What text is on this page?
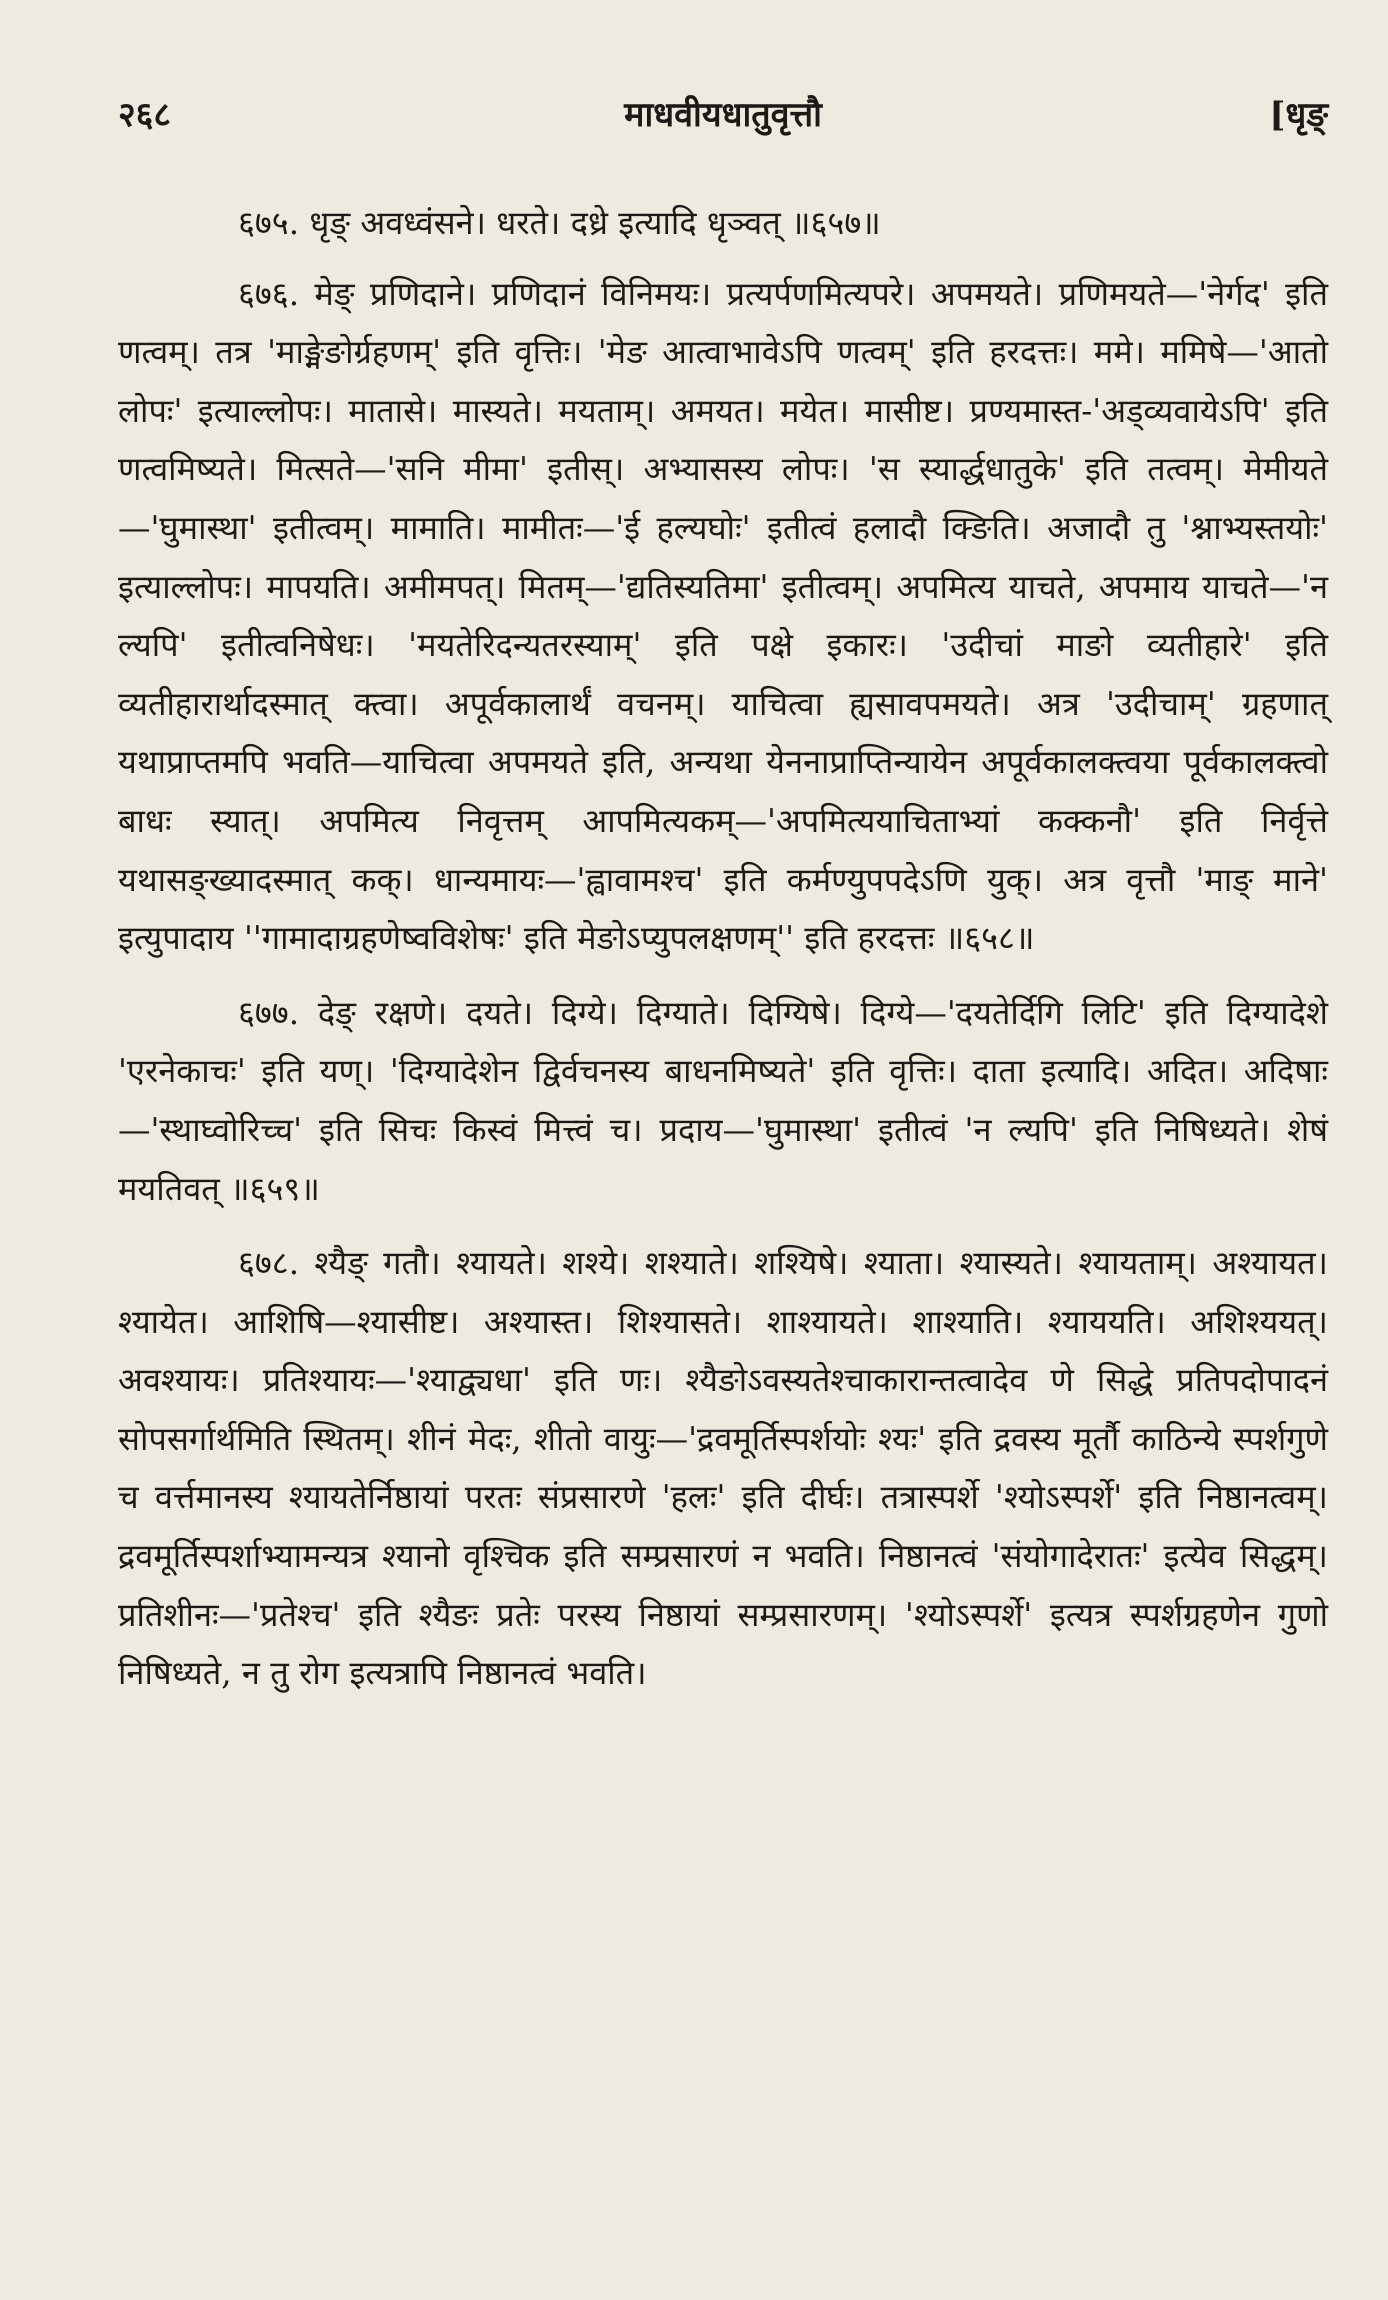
२६८	माधवीयधातुवृत्तौ	[धृङ्

६७५. धृङ् अवध्वंसने। धरते। दध्रे इत्यादि धृञ्वत् ॥६५७॥

६७६. मेङ् प्रणिदाने। प्रणिदानं विनिमयः। प्रत्यर्पणमित्यपरे। अपमयते। प्रणिमयते—'नेर्गद' इति णत्वम्। तत्र 'माङ्मेङोर्ग्रहणम्' इति वृत्तिः। 'मेङ आत्वाभावेऽपि णत्वम्' इति हरदत्तः। ममे। ममिषे—'आतो लोपः' इत्याल्लोपः। मातासे। मास्यते। मयताम्। अमयत। मयेत। मासीष्ट। प्रण्यमास्त-'अड्व्यवायेऽपि' इति णत्वमिष्यते। मित्सते—'सनि मीमा' इतीस्। अभ्यासस्य लोपः। 'स स्यार्द्धधातुके' इति तत्वम्। मेमीयते—'घुमास्था' इतीत्वम्। मामाति। मामीतः—'ई हल्यघोः' इतीत्वं हलादौ क्ङिति। अजादौ तु 'श्नाभ्यस्तयोः' इत्याल्लोपः। मापयति। अमीमपत्। मितम्—'द्यतिस्यतिमा' इतीत्वम्। अपमित्य याचते, अपमाय याचते—'न ल्यपि' इतीत्वनिषेधः। 'मयतेरिदन्यतरस्याम्' इति पक्षे इकारः। 'उदीचां माङो व्यतीहारे' इति व्यतीहारार्थादस्मात् क्त्वा। अपूर्वकालार्थं वचनम्। याचित्वा ह्यसावपमयते। अत्र 'उदीचाम्' ग्रहणात् यथाप्राप्तमपि भवति—याचित्वा अपमयते इति, अन्यथा येननाप्राप्तिन्यायेन अपूर्वकालक्त्वया पूर्वकालक्त्वो बाधः स्यात्। अपमित्य निवृत्तम् आपमित्यकम्—'अपमित्ययाचिताभ्यां कक्कनौ' इति निर्वृत्ते यथासङ्ख्यादस्मात् कक्। धान्यमायः—'ह्वावामश्च' इति कर्मण्युपपदेऽणि युक्। अत्र वृत्तौ 'माङ् माने' इत्युपादाय ''गामादाग्रहणेष्वविशेषः' इति मेङोऽप्युपलक्षणम्'' इति हरदत्तः ॥६५८॥

६७७. देङ् रक्षणे। दयते। दिग्ये। दिग्याते। दिग्यिषे। दिग्ये—'दयतेर्दिगि लिटि' इति दिग्यादेशे 'एरनेकाचः' इति यण्। 'दिग्यादेशेन द्विर्वचनस्य बाधनमिष्यते' इति वृत्तिः। दाता इत्यादि। अदित। अदिषाः—'स्थाघ्वोरिच्च' इति सिचः किस्वं मित्त्वं च। प्रदाय—'घुमास्था' इतीत्वं 'न ल्यपि' इति निषिध्यते। शेषं मयतिवत् ॥६५९॥

६७८. श्यैङ् गतौ। श्यायते। शश्ये। शश्याते। शश्यिषे। श्याता। श्यास्यते। श्यायताम्। अश्यायत। श्यायेत। आशिषि—श्यासीष्ट। अश्यास्त। शिश्यासते। शाश्यायते। शाश्याति। श्याययति। अशिश्ययत्। अवश्यायः। प्रतिश्यायः—'श्याद्व्यधा' इति णः। श्यैङोऽवस्यतेश्चाकारान्तत्वादेव णे सिद्धे प्रतिपदोपादनं सोपसर्गार्थमिति स्थितम्। शीनं मेदः, शीतो वायुः—'द्रवमूर्तिस्पर्शयोः श्यः' इति द्रवस्य मूर्तौ काठिन्ये स्पर्शगुणे च वर्त्तमानस्य श्यायतेर्निष्ठायां परतः संप्रसारणे 'हलः' इति दीर्घः। तत्रास्पर्शे 'श्योऽस्पर्शे' इति निष्ठानत्वम्। द्रवमूर्तिस्पर्शाभ्यामन्यत्र श्यानो वृश्चिक इति सम्प्रसारणं न भवति। निष्ठानत्वं 'संयोगादेरातः' इत्येव सिद्धम्। प्रतिशीनः—'प्रतेश्च' इति श्यैङः प्रतेः परस्य निष्ठायां सम्प्रसारणम्। 'श्योऽस्पर्शे' इत्यत्र स्पर्शग्रहणेन गुणो निषिध्यते, न तु रोग इत्यत्रापि निष्ठानत्वं भवति।
